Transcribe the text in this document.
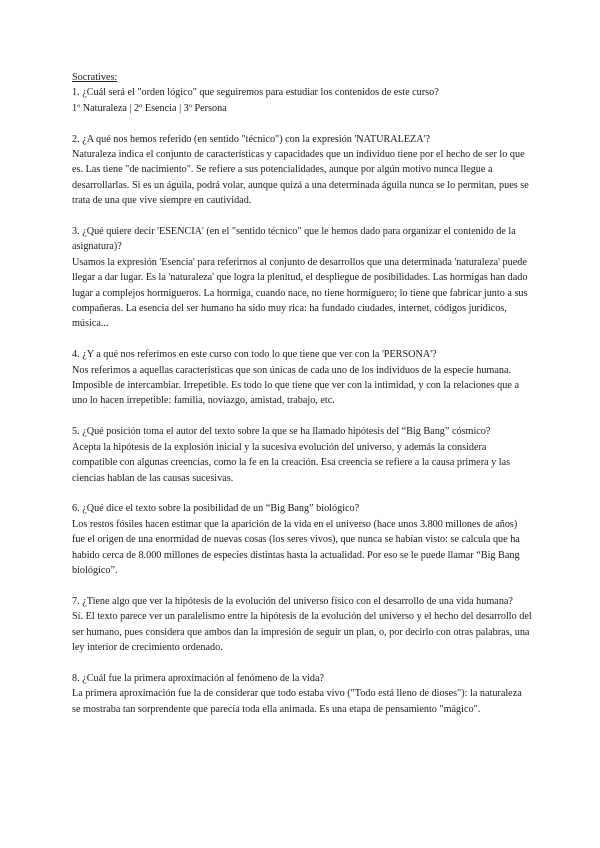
Socratives:

1. ¿Cuál será el "orden lógico" que seguiremos para estudiar los contenidos de este curso?

1º Naturaleza | 2º Esencia | 3º Persona

2. ¿A qué nos hemos referido (en sentido "técnico") con la expresión 'NATURALEZA'?

Naturaleza indica el conjunto de características y capacidades que un individuo tiene por el hecho de ser lo que es. Las tiene "de nacimiento". Se refiere a sus potencialidades, aunque por algún motivo nunca llegue a desarrollarlas. Si es un águila, podrá volar, aunque quizá a una determinada águila nunca se lo permitan, pues se trata de una que vive siempre en cautividad.

3. ¿Qué quiere decir 'ESENCIA' (en el "sentido técnico" que le hemos dado para organizar el contenido de la asignatura)?

Usamos la expresión 'Esencia' para referirnos al conjunto de desarrollos que una determinada 'naturaleza' puede llegar a dar lugar. Es la 'naturaleza' que logra la plenitud, el despliegue de posibilidades. Las hormigas han dado lugar a complejos hormigueros. La hormiga, cuando nace, no tiene hormiguero; lo tiene que fabricar junto a sus compañeras. La esencia del ser humano ha sido muy rica: ha fundado ciudades, internet, códigos jurídicos, música...

4. ¿Y a qué nos referimos en este curso con todo lo que tiene que ver con la 'PERSONA'?

Nos referimos a aquellas características que son únicas de cada uno de los individuos de la especie humana. Imposible de intercambiar. Irrepetible. Es todo lo que tiene que ver con la intimidad, y con la relaciones que a uno lo hacen irrepetible: familia, noviazgo, amistad, trabajo, etc.

5. ¿Qué posición toma el autor del texto sobre la que se ha llamado hipótesis del “Big Bang” cósmico?

Acepta la hipótesis de la explosión inicial y la sucesiva evolución del universo, y además la considera compatible con algunas creencias, como la fe en la creación. Esa creencia se refiere a la causa primera y las ciencias hablan de las causas sucesivas.

6. ¿Qué dice el texto sobre la posibilidad de un “Big Bang” biológico?

Los restos fósiles hacen estimar que la aparición de la vida en el universo (hace unos 3.800 millones de años) fue el origen de una enormidad de nuevas cosas (los seres vivos), que nunca se habían visto: se calcula que ha habido cerca de 8.000 millones de especies distintas hasta la actualidad. Por eso se le puede llamar “Big Bang biológico”.

7. ¿Tiene algo que ver la hipótesis de la evolución del universo físico con el desarrollo de una vida humana?

Sí. El texto parece ver un paralelismo entre la hipótesis de la evolución del universo y el hecho del desarrollo del ser humano, pues considera que ambos dan la impresión de seguir un plan, o, por decirlo con otras palabras, una ley interior de crecimiento ordenado.

8. ¿Cuál fue la primera aproximación al fenómeno de la vida?

La primera aproximación fue la de considerar que todo estaba vivo ("Todo está lleno de dioses"): la naturaleza se mostraba tan sorprendente que parecía toda ella animada. Es una etapa de pensamiento "mágico".
